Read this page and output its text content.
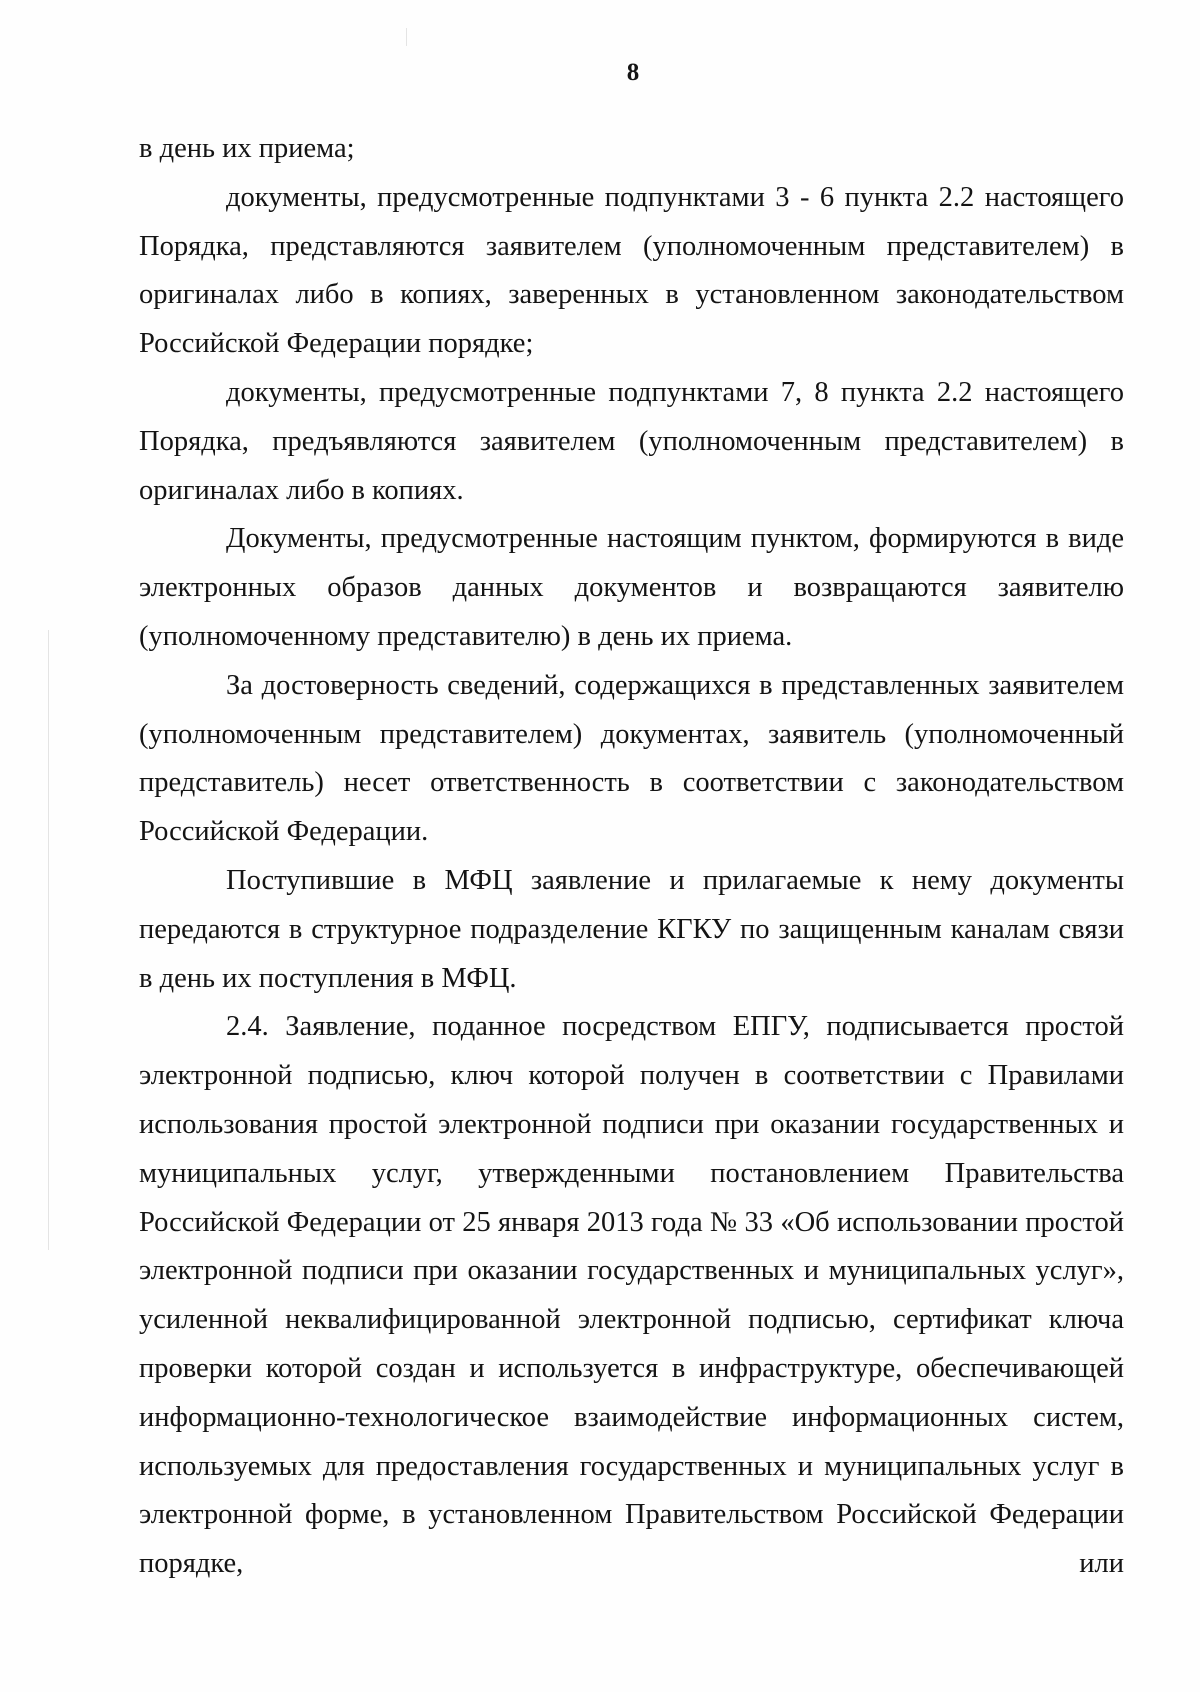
8

в день их приема;

документы, предусмотренные подпунктами 3 - 6 пункта 2.2 настоящего Порядка, представляются заявителем (уполномоченным представителем) в оригиналах либо в копиях, заверенных в установленном законодательством Российской Федерации порядке;

документы, предусмотренные подпунктами 7, 8 пункта 2.2 настоящего Порядка, предъявляются заявителем (уполномоченным представителем) в оригиналах либо в копиях.

Документы, предусмотренные настоящим пунктом, формируются в виде электронных образов данных документов и возвращаются заявителю (уполномоченному представителю) в день их приема.

За достоверность сведений, содержащихся в представленных заявителем (уполномоченным представителем) документах, заявитель (уполномоченный представитель) несет ответственность в соответствии с законодательством Российской Федерации.

Поступившие в МФЦ заявление и прилагаемые к нему документы передаются в структурное подразделение КГКУ по защищенным каналам связи в день их поступления в МФЦ.

2.4. Заявление, поданное посредством ЕПГУ, подписывается простой электронной подписью, ключ которой получен в соответствии с Правилами использования простой электронной подписи при оказании государственных и муниципальных услуг, утвержденными постановлением Правительства Российской Федерации от 25 января 2013 года № 33 «Об использовании простой электронной подписи при оказании государственных и муниципальных услуг», усиленной неквалифицированной электронной подписью, сертификат ключа проверки которой создан и используется в инфраструктуре, обеспечивающей информационно-технологическое взаимодействие информационных систем, используемых для предоставления государственных и муниципальных услуг в электронной форме, в установленном Правительством Российской Федерации порядке, или
